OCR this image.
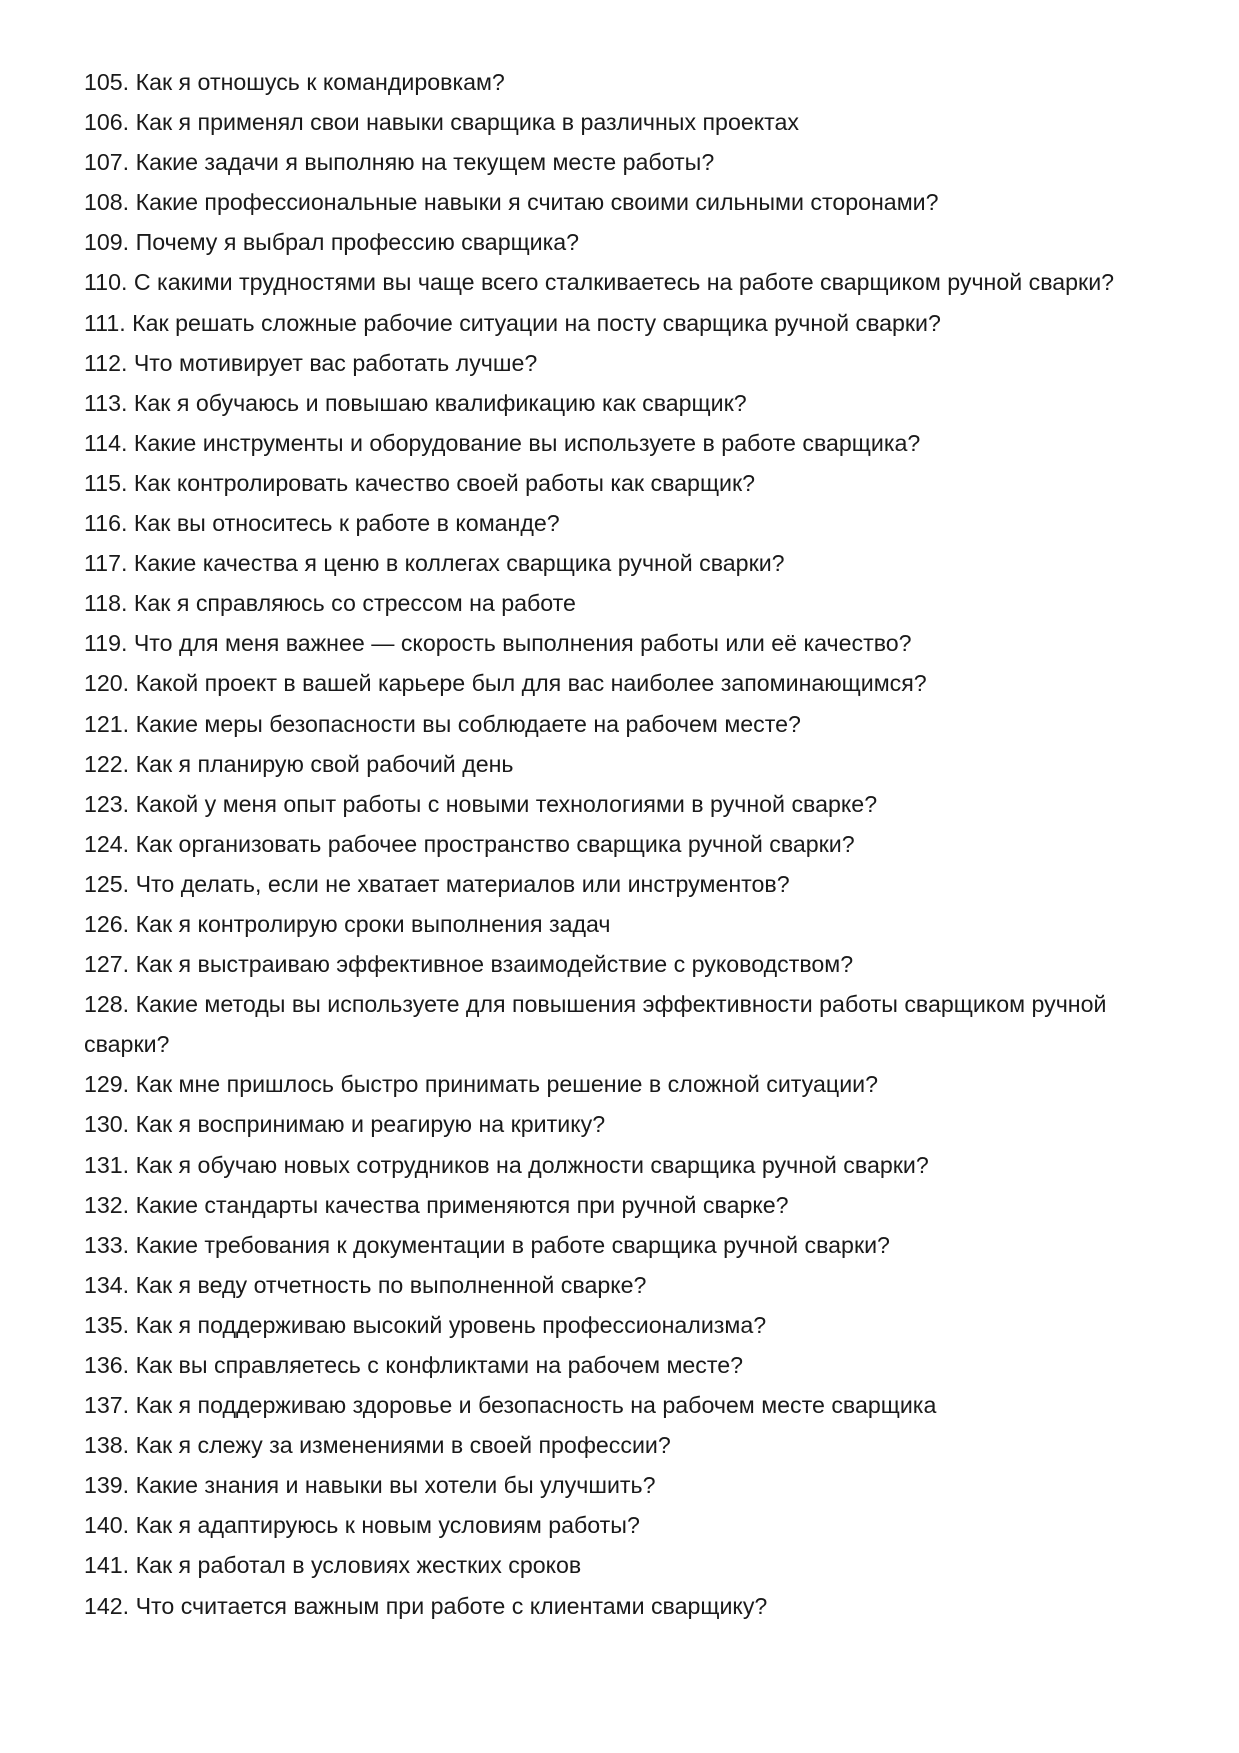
105. Как я отношусь к командировкам?
106. Как я применял свои навыки сварщика в различных проектах
107. Какие задачи я выполняю на текущем месте работы?
108. Какие профессиональные навыки я считаю своими сильными сторонами?
109. Почему я выбрал профессию сварщика?
110. С какими трудностями вы чаще всего сталкиваетесь на работе сварщиком ручной сварки?
111. Как решать сложные рабочие ситуации на посту сварщика ручной сварки?
112. Что мотивирует вас работать лучше?
113. Как я обучаюсь и повышаю квалификацию как сварщик?
114. Какие инструменты и оборудование вы используете в работе сварщика?
115. Как контролировать качество своей работы как сварщик?
116. Как вы относитесь к работе в команде?
117. Какие качества я ценю в коллегах сварщика ручной сварки?
118. Как я справляюсь со стрессом на работе
119. Что для меня важнее — скорость выполнения работы или её качество?
120. Какой проект в вашей карьере был для вас наиболее запоминающимся?
121. Какие меры безопасности вы соблюдаете на рабочем месте?
122. Как я планирую свой рабочий день
123. Какой у меня опыт работы с новыми технологиями в ручной сварке?
124. Как организовать рабочее пространство сварщика ручной сварки?
125. Что делать, если не хватает материалов или инструментов?
126. Как я контролирую сроки выполнения задач
127. Как я выстраиваю эффективное взаимодействие с руководством?
128. Какие методы вы используете для повышения эффективности работы сварщиком ручной сварки?
129. Как мне пришлось быстро принимать решение в сложной ситуации?
130. Как я воспринимаю и реагирую на критику?
131. Как я обучаю новых сотрудников на должности сварщика ручной сварки?
132. Какие стандарты качества применяются при ручной сварке?
133. Какие требования к документации в работе сварщика ручной сварки?
134. Как я веду отчетность по выполненной сварке?
135. Как я поддерживаю высокий уровень профессионализма?
136. Как вы справляетесь с конфликтами на рабочем месте?
137. Как я поддерживаю здоровье и безопасность на рабочем месте сварщика
138. Как я слежу за изменениями в своей профессии?
139. Какие знания и навыки вы хотели бы улучшить?
140. Как я адаптируюсь к новым условиям работы?
141. Как я работал в условиях жестких сроков
142. Что считается важным при работе с клиентами сварщику?
